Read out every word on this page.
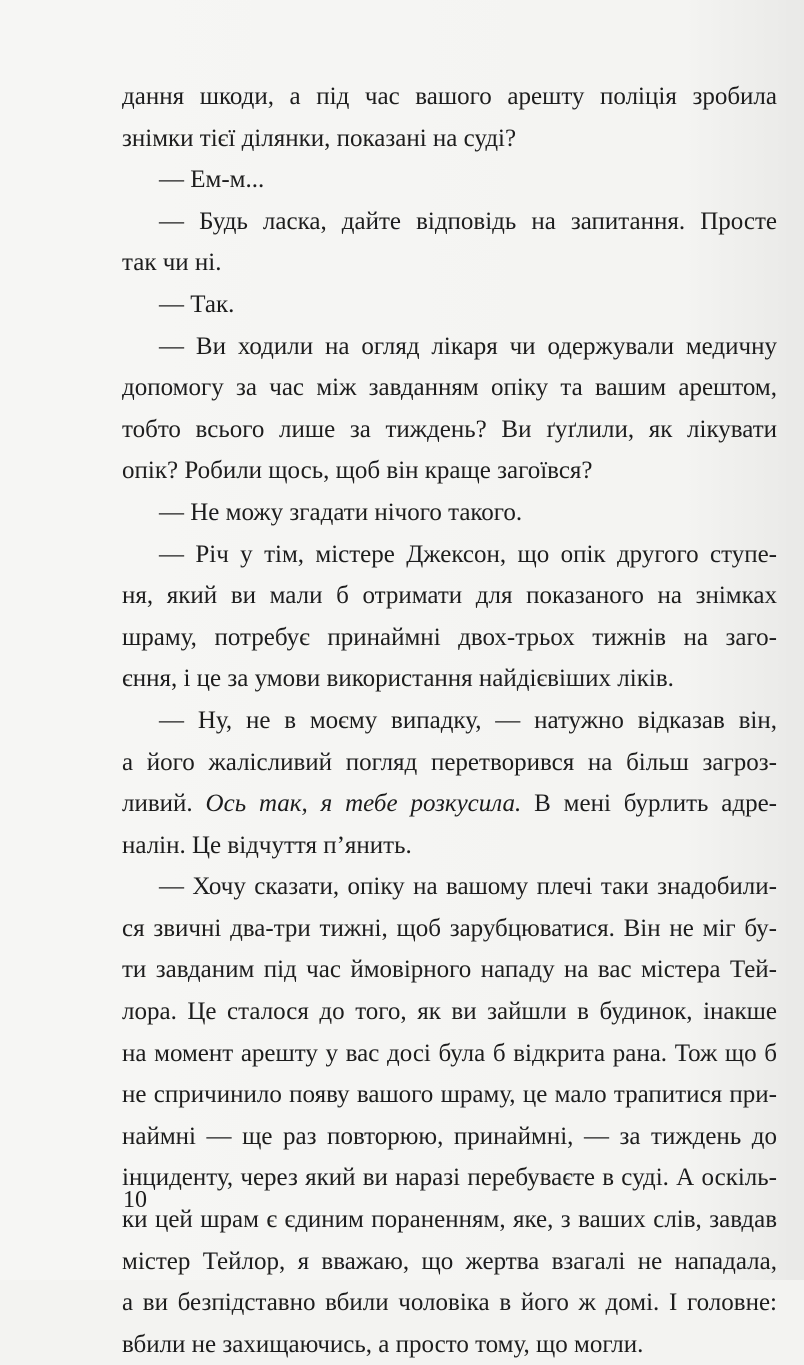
дання шкоди, а під час вашого арешту поліція зробила
знімки тієї ділянки, показані на суді?
— Ем-м...
— Будь ласка, дайте відповідь на запитання. Просте
так чи ні.
— Так.
— Ви ходили на огляд лікаря чи одержували медичну
допомогу за час між завданням опіку та вашим арештом,
тобто всього лише за тиждень? Ви ґуґлили, як лікувати
опік? Робили щось, щоб він краще загоївся?
— Не можу згадати нічого такого.
— Річ у тім, містере Джексон, що опік другого ступе-
ня, який ви мали б отримати для показаного на знімках
шраму, потребує принаймні двох-трьох тижнів на заго-
єння, і це за умови використання найдієвіших ліків.
— Ну, не в моєму випадку, — натужно відказав він,
а його жалісливий погляд перетворився на більш загроз-
ливий. Ось так, я тебе розкусила. В мені бурлить адре-
налін. Це відчуття п’янить.
— Хочу сказати, опіку на вашому плечі таки знадобили-
ся звичні два-три тижні, щоб зарубцюватися. Він не міг бу-
ти завданим під час ймовірного нападу на вас містера Тей-
лора. Це сталося до того, як ви зайшли в будинок, інакше
на момент арешту у вас досі була б відкрита рана. Тож що б
не спричинило появу вашого шраму, це мало трапитися при-
наймні — ще раз повторюю, принаймні, — за тиждень до
інциденту, через який ви наразі перебуваєте в суді. А оскіль-
ки цей шрам є єдиним пораненням, яке, з ваших слів, завдав
містер Тейлор, я вважаю, що жертва взагалі не нападала,
а ви безпідставно вбили чоловіка в його ж домі. І головне:
вбили не захищаючись, а просто тому, що могли.
10
